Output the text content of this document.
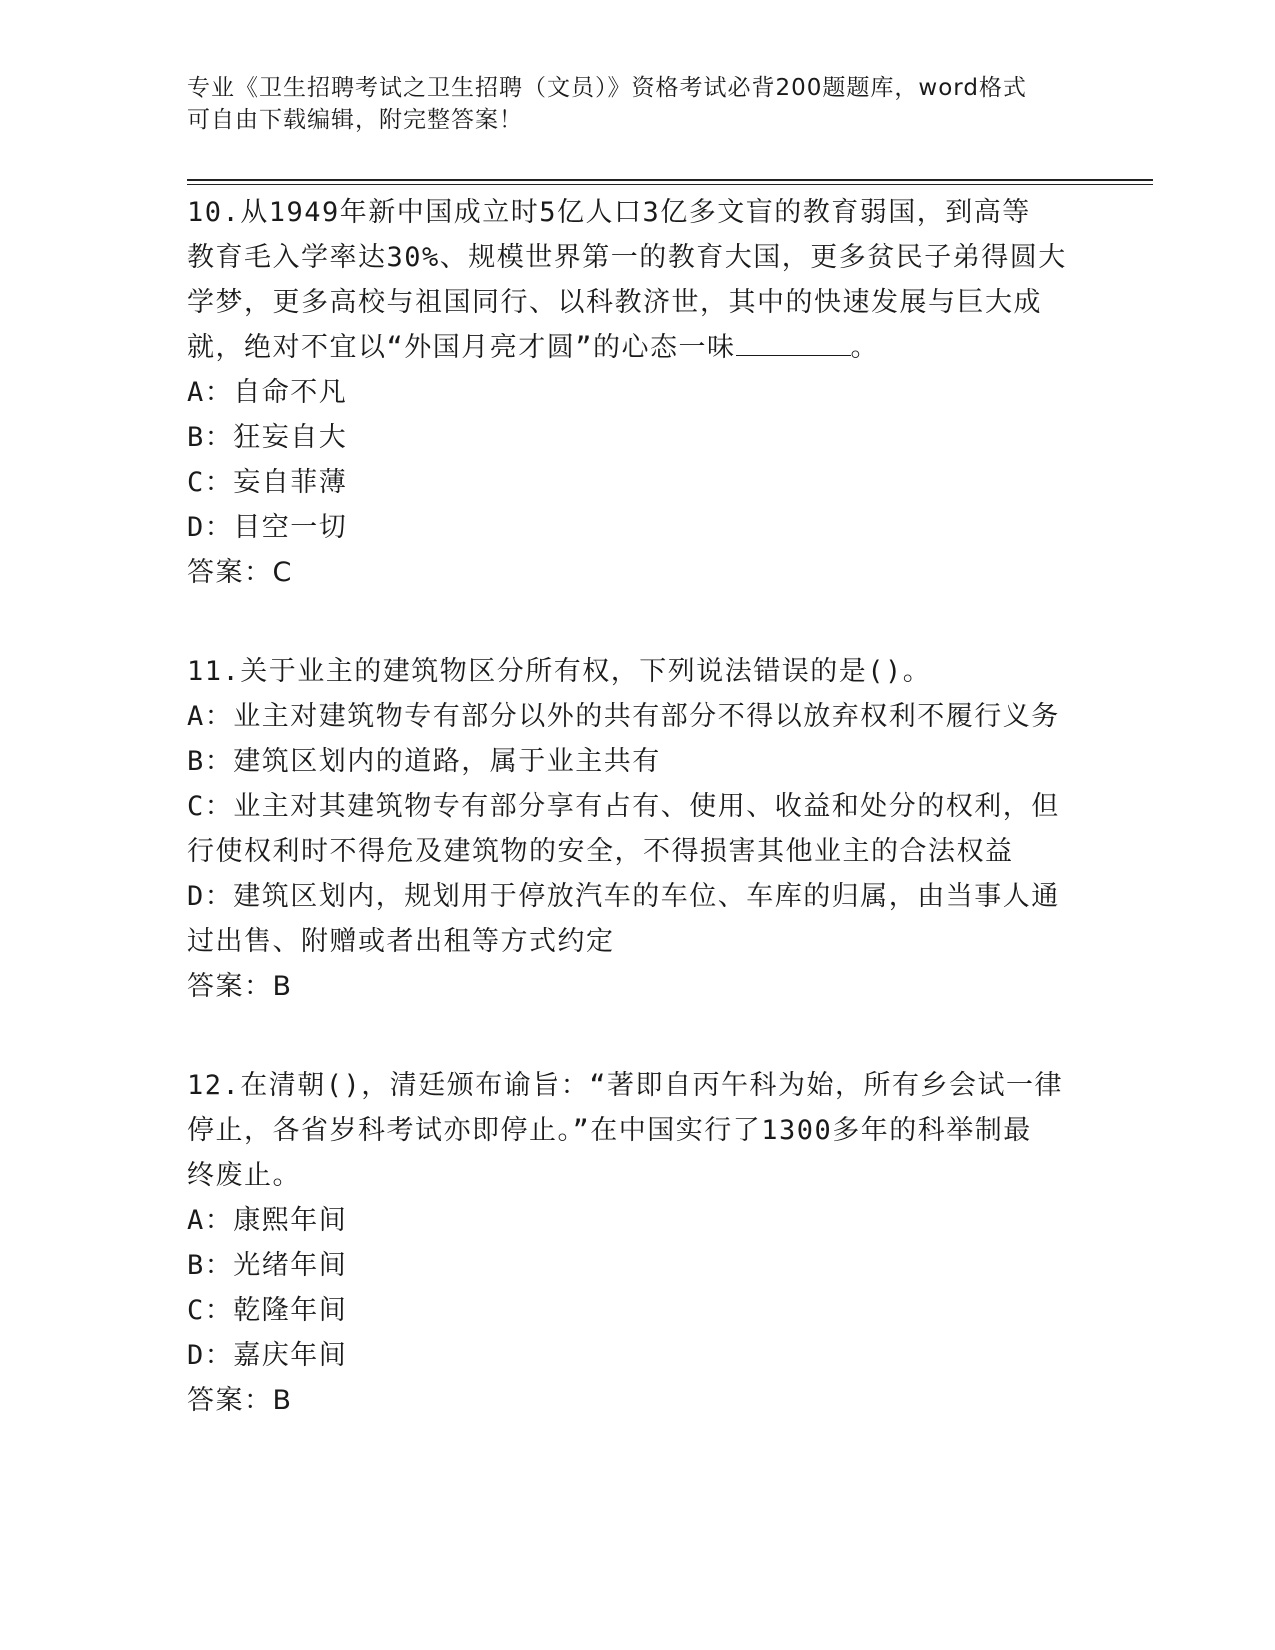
专业《卫生招聘考试之卫生招聘（文员）》资格考试必背200题题库，word格式
可自由下载编辑，附完整答案！

10.从1949年新中国成立时5亿人口3亿多文盲的教育弱国，到高等

教育毛入学率达30%、规模世界第一的教育大国，更多贫民子弟得圆大

学梦，更多高校与祖国同行、以科教济世，其中的快速发展与巨大成

就，绝对不宜以“外国月亮才圆”的心态一味	。

A：自命不凡

B：狂妄自大

C：妄自菲薄

D：目空一切

答案：C

11.关于业主的建筑物区分所有权，下列说法错误的是()。

A：业主对建筑物专有部分以外的共有部分不得以放弃权利不履行义务

B：建筑区划内的道路，属于业主共有

C：业主对其建筑物专有部分享有占有、使用、收益和处分的权利，但

行使权利时不得危及建筑物的安全，不得损害其他业主的合法权益

D：建筑区划内，规划用于停放汽车的车位、车库的归属，由当事人通

过出售、附赠或者出租等方式约定

答案：B

12.在清朝()，清廷颁布谕旨：“著即自丙午科为始，所有乡会试一律

停止，各省岁科考试亦即停止。”在中国实行了1300多年的科举制最

终废止。

A：康熙年间

B：光绪年间

C：乾隆年间

D：嘉庆年间

答案：B
